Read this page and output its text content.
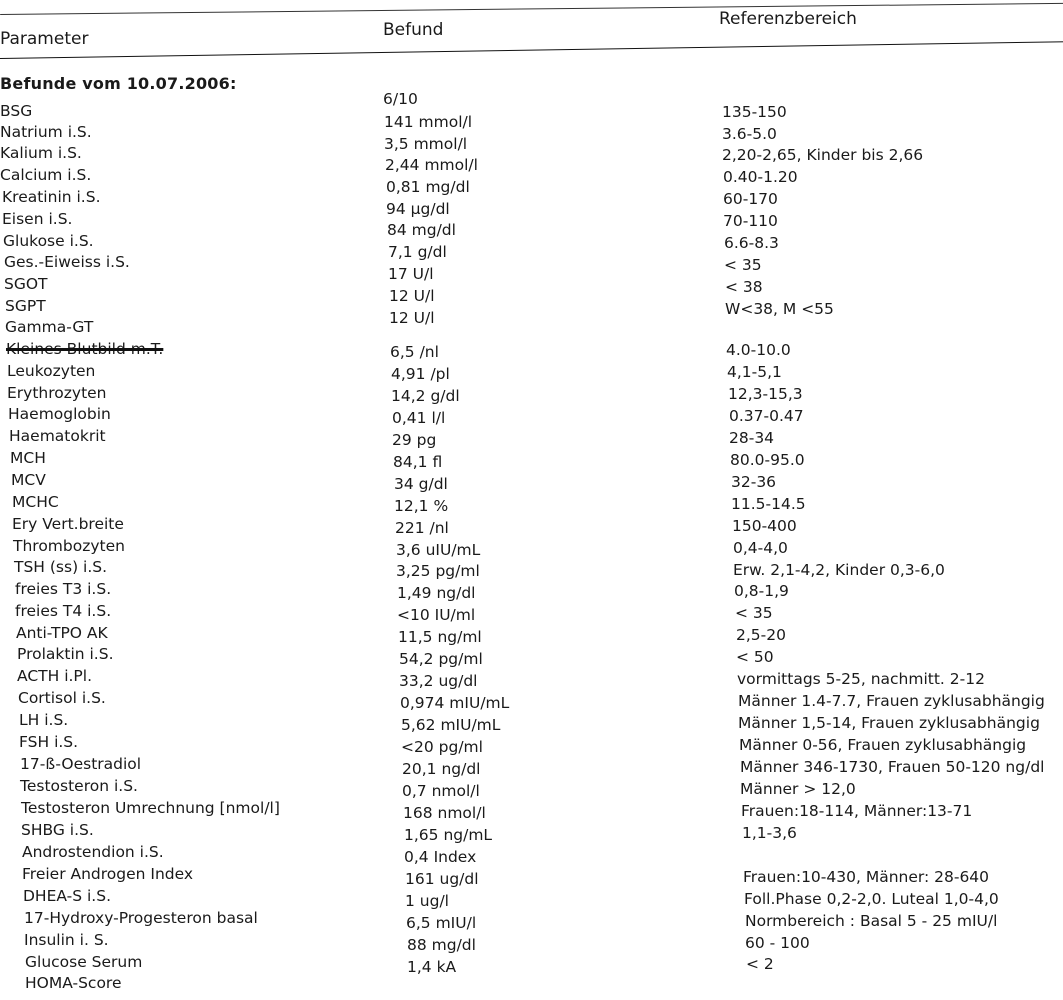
Parameter	Befund
Referenzbereich
Befunde vom 10.07.2006:
BSG
Natrium i.S.
Kalium i.S.
Calcium i.S.
Kreatinin i.S.
Eisen i.S.
Glukose i.S.
Ges.-Eiweiss i.S.
SGOT
SGPT
Gamma-GT
Kleines Blutbild m.T.
Leukozyten
Erythrozyten
Haemoglobin
Haematokrit
MCH
MCV
MCHC
Ery Vert.breite
Thrombozyten
TSH (ss) i.S.
freies T3 i.S.
freies T4 i.S.
Anti-TPO AK
Prolaktin i.S.
ACTH i.Pl.
Cortisol i.S.
LH i.S.
FSH i.S.
17-ß-Oestradiol
Testosteron i.S.
Testosteron Umrechnung [nmol/l]
SHBG i.S.
Androstendion i.S.
Freier Androgen Index
DHEA-S i.S.
17-Hydroxy-Progesteron basal
Insulin i. S.
Glucose Serum
HOMA-Score
6/10
141 mmol/l
3,5 mmol/l
2,44 mmol/l
0,81 mg/dl
94 µg/dl
84 mg/dl
7,1 g/dl
17 U/l
12 U/l
12 U/l
6,5 /nl
4,91 /pl
14,2 g/dl
0,41 l/l
29 pg
84,1 fl
34 g/dl
12,1 %
221 /nl
3,6 uIU/mL
3,25 pg/ml
1,49 ng/dl
<10 IU/ml
11,5 ng/ml
54,2 pg/ml
33,2 ug/dl
0,974 mIU/mL
5,62 mIU/mL
<20 pg/ml
20,1 ng/dl
0,7 nmol/l
168 nmol/l
1,65 ng/mL
0,4 Index
161 ug/dl
1 ug/l
6,5 mIU/l
88 mg/dl
1,4 kA
135-150
3.6-5.0
2,20-2,65, Kinder bis 2,66
0.40-1.20
60-170
70-110
6.6-8.3
< 35
< 38
W<38, M <55
4.0-10.0
4,1-5,1
12,3-15,3
0.37-0.47
28-34
80.0-95.0
32-36
11.5-14.5
150-400
0,4-4,0
Erw. 2,1-4,2, Kinder 0,3-6,0
0,8-1,9
< 35
2,5-20
< 50
vormittags 5-25, nachmitt. 2-12
Männer 1.4-7.7, Frauen zyklusabhängig
Männer 1,5-14, Frauen zyklusabhängig
Männer 0-56, Frauen zyklusabhängig
Männer 346-1730, Frauen 50-120 ng/dl
Männer > 12,0
Frauen:18-114, Männer:13-71
1,1-3,6
Frauen:10-430, Männer: 28-640
Foll.Phase 0,2-2,0. Luteal 1,0-4,0
Normbereich : Basal 5 - 25 mIU/l
60 - 100
< 2
